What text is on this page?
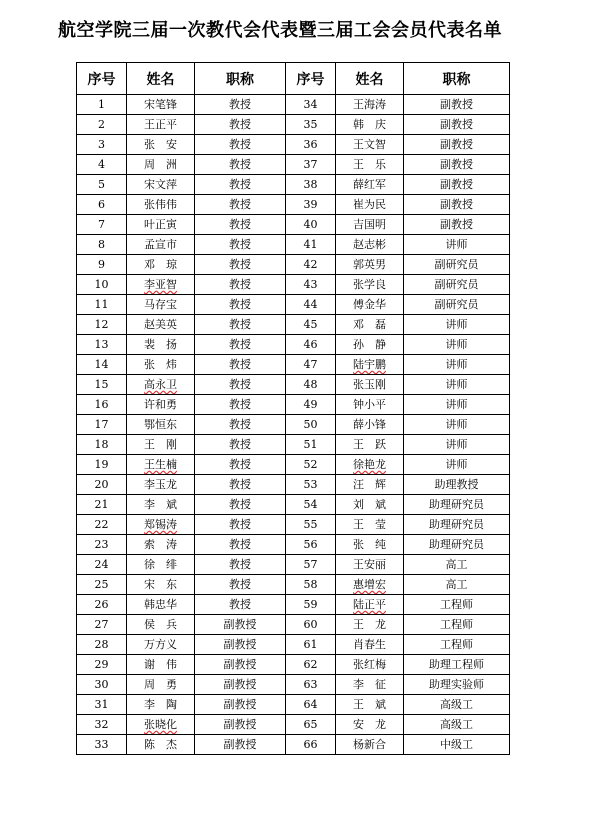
航空学院三届一次教代会代表暨三届工会会员代表名单
序号	姓名	职称	序号	姓名	职称
1	宋笔锋	教授	34	王海涛	副教授
2	王正平	教授	35	韩　庆	副教授
3	张　安	教授	36	王文智	副教授
4	周　洲	教授	37	王　乐	副教授
5	宋文萍	教授	38	薛红军	副教授
6	张伟伟	教授	39	崔为民	副教授
7	叶正寅	教授	40	吉国明	副教授
8	孟宣市	教授	41	赵志彬	讲师
9	邓　琼	教授	42	郭英男	副研究员
10	李亚智	教授	43	张学良	副研究员
11	马存宝	教授	44	傅金华	副研究员
12	赵美英	教授	45	邓　磊	讲师
13	裴　扬	教授	46	孙　静	讲师
14	张　炜	教授	47	陆宇鹏	讲师
15	高永卫	教授	48	张玉刚	讲师
16	许和勇	教授	49	钟小平	讲师
17	鄂恒东	教授	50	薛小锋	讲师
18	王　刚	教授	51	王　跃	讲师
19	王生楠	教授	52	徐艳龙	讲师
20	李玉龙	教授	53	汪　辉	助理教授
21	李　斌	教授	54	刘　斌	助理研究员
22	郑锡涛	教授	55	王　莹	助理研究员
23	索　涛	教授	56	张　纯	助理研究员
24	徐　绯	教授	57	王安丽	高工
25	宋　东	教授	58	惠增宏	高工
26	韩忠华	教授	59	陆正平	工程师
27	侯　兵	副教授	60	王　龙	工程师
28	万方义	副教授	61	肖春生	工程师
29	谢　伟	副教授	62	张红梅	助理工程师
30	周　勇	副教授	63	李　征	助理实验师
31	李　陶	副教授	64	王　斌	高级工
32	张晓化	副教授	65	安　龙	高级工
33	陈　杰	副教授	66	杨新合	中级工
